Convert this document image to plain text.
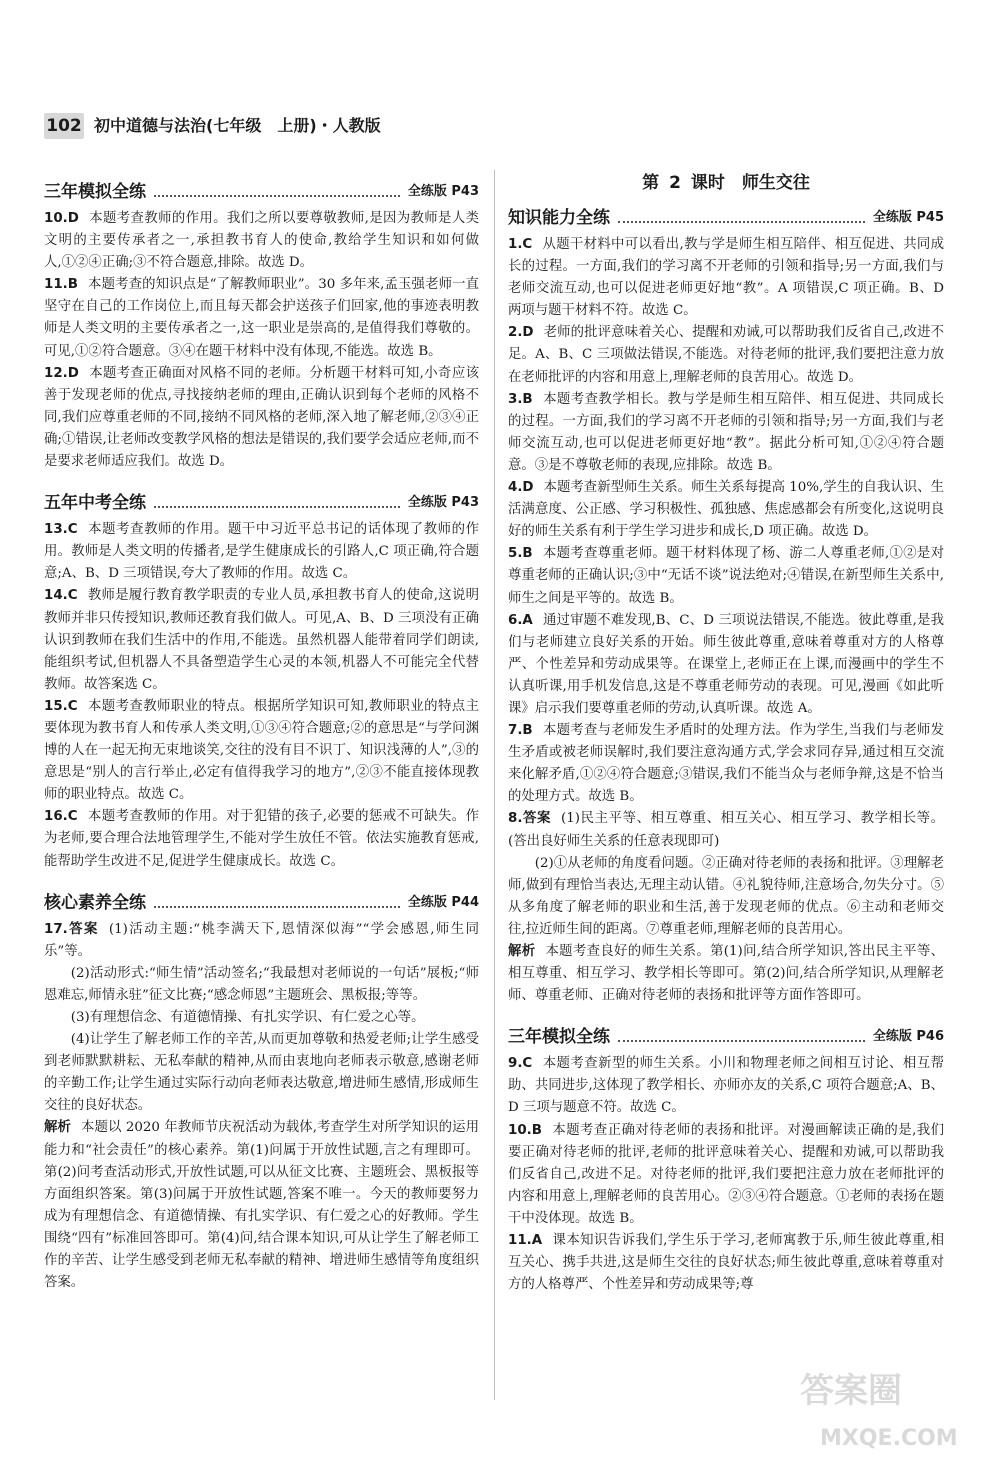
102 初中道德与法治(七年级　上册)・人教版
三年模拟全练	全练版 P43

10.D 本题考查教师的作用。我们之所以要尊敬教师,是因为教师是人类文明的主要传承者之一,承担教书育人的使命,教给学生知识和如何做人,①②④正确;③不符合题意,排除。故选 D。

11.B 本题考查的知识点是“了解教师职业”。30 多年来,孟玉强老师一直坚守在自己的工作岗位上,而且每天都会护送孩子们回家,他的事迹表明教师是人类文明的主要传承者之一,这一职业是崇高的,是值得我们尊敬的。可见,①②符合题意。③④在题干材料中没有体现,不能选。故选 B。

12.D 本题考查正确面对风格不同的老师。分析题干材料可知,小奇应该善于发现老师的优点,寻找接纳老师的理由,正确认识到每个老师的风格不同,我们应尊重老师的不同,接纳不同风格的老师,深入地了解老师,②③④正确;①错误,让老师改变教学风格的想法是错误的,我们要学会适应老师,而不是要求老师适应我们。故选 D。

五年中考全练	全练版 P43

13.C 本题考查教师的作用。题干中习近平总书记的话体现了教师的作用。教师是人类文明的传播者,是学生健康成长的引路人,C 项正确,符合题意;A、B、D 三项错误,夸大了教师的作用。故选 C。

14.C 教师是履行教育教学职责的专业人员,承担教书育人的使命,这说明教师并非只传授知识,教师还教育我们做人。可见,A、B、D 三项没有正确认识到教师在我们生活中的作用,不能选。虽然机器人能带着同学们朗读,能组织考试,但机器人不具备塑造学生心灵的本领,机器人不可能完全代替教师。故答案选 C。

15.C 本题考查教师职业的特点。根据所学知识可知,教师职业的特点主要体现为教书育人和传承人类文明,①③④符合题意;②的意思是“与学问渊博的人在一起无拘无束地谈笑,交往的没有目不识丁、知识浅薄的人”,③的意思是“别人的言行举止,必定有值得我学习的地方”,②③不能直接体现教师的职业特点。故选 C。

16.C 本题考查教师的作用。对于犯错的孩子,必要的惩戒不可缺失。作为老师,要合理合法地管理学生,不能对学生放任不管。依法实施教育惩戒,能帮助学生改进不足,促进学生健康成长。故选 C。

核心素养全练	全练版 P44

17.答案 (1)活动主题:“桃李满天下,恩情深似海”“学会感恩,师生同乐”等。

(2)活动形式:“师生情”活动签名;“我最想对老师说的一句话”展板;“师恩难忘,师情永驻”征文比赛;“感念师恩”主题班会、黑板报;等等。

(3)有理想信念、有道德情操、有扎实学识、有仁爱之心等。

(4)让学生了解老师工作的辛苦,从而更加尊敬和热爱老师;让学生感受到老师默默耕耘、无私奉献的精神,从而由衷地向老师表示敬意,感谢老师的辛勤工作;让学生通过实际行动向老师表达敬意,增进师生感情,形成师生交往的良好状态。

解析 本题以 2020 年教师节庆祝活动为载体,考查学生对所学知识的运用能力和“社会责任”的核心素养。第(1)问属于开放性试题,言之有理即可。第(2)问考查活动形式,开放性试题,可以从征文比赛、主题班会、黑板报等方面组织答案。第(3)问属于开放性试题,答案不唯一。今天的教师要努力成为有理想信念、有道德情操、有扎实学识、有仁爱之心的好教师。学生围绕“四有”标准回答即可。第(4)问,结合课本知识,可从让学生了解老师工作的辛苦、让学生感受到老师无私奉献的精神、增进师生感情等角度组织答案。

第 2 课时　师生交往
知识能力全练	全练版 P45

1.C 从题干材料中可以看出,教与学是师生相互陪伴、相互促进、共同成长的过程。一方面,我们的学习离不开老师的引领和指导;另一方面,我们与老师交流互动,也可以促进老师更好地“教”。A 项错误,C 项正确。B、D 两项与题干材料不符。故选 C。

2.D 老师的批评意味着关心、提醒和劝诫,可以帮助我们反省自己,改进不足。A、B、C 三项做法错误,不能选。对待老师的批评,我们要把注意力放在老师批评的内容和用意上,理解老师的良苦用心。故选 D。

3.B 本题考查教学相长。教与学是师生相互陪伴、相互促进、共同成长的过程。一方面,我们的学习离不开老师的引领和指导;另一方面,我们与老师交流互动,也可以促进老师更好地“教”。据此分析可知,①②④符合题意。③是不尊敬老师的表现,应排除。故选 B。

4.D 本题考查新型师生关系。师生关系每提高 10%,学生的自我认识、生活满意度、公正感、学习积极性、孤独感、焦虑感都会有所变化,这说明良好的师生关系有利于学生学习进步和成长,D 项正确。故选 D。

5.B 本题考查尊重老师。题干材料体现了杨、游二人尊重老师,①②是对尊重老师的正确认识;③中“无话不谈”说法绝对;④错误,在新型师生关系中,师生之间是平等的。故选 B。

6.A 通过审题不难发现,B、C、D 三项说法错误,不能选。彼此尊重,是我们与老师建立良好关系的开始。师生彼此尊重,意味着尊重对方的人格尊严、个性差异和劳动成果等。在课堂上,老师正在上课,而漫画中的学生不认真听课,用手机发信息,这是不尊重老师劳动的表现。可见,漫画《如此听课》启示我们要尊重老师的劳动,认真听课。故选 A。

7.B 本题考查与老师发生矛盾时的处理方法。作为学生,当我们与老师发生矛盾或被老师误解时,我们要注意沟通方式,学会求同存异,通过相互交流来化解矛盾,①②④符合题意;③错误,我们不能当众与老师争辩,这是不恰当的处理方式。故选 B。

8.答案 (1)民主平等、相互尊重、相互关心、相互学习、教学相长等。(答出良好师生关系的任意表现即可)

(2)①从老师的角度看问题。②正确对待老师的表扬和批评。③理解老师,做到有理恰当表达,无理主动认错。④礼貌待师,注意场合,勿失分寸。⑤从多角度了解老师的职业和生活,善于发现老师的优点。⑥主动和老师交往,拉近师生间的距离。⑦尊重老师,理解老师的良苦用心。

解析 本题考查良好的师生关系。第(1)问,结合所学知识,答出民主平等、相互尊重、相互学习、教学相长等即可。第(2)问,结合所学知识,从理解老师、尊重老师、正确对待老师的表扬和批评等方面作答即可。

三年模拟全练	全练版 P46

9.C 本题考查新型的师生关系。小川和物理老师之间相互讨论、相互帮助、共同进步,这体现了教学相长、亦师亦友的关系,C 项符合题意;A、B、D 三项与题意不符。故选 C。

10.B 本题考查正确对待老师的表扬和批评。对漫画解读正确的是,我们要正确对待老师的批评,老师的批评意味着关心、提醒和劝诫,可以帮助我们反省自己,改进不足。对待老师的批评,我们要把注意力放在老师批评的内容和用意上,理解老师的良苦用心。②③④符合题意。①老师的表扬在题干中没体现。故选 B。

11.A 课本知识告诉我们,学生乐于学习,老师寓教于乐,师生彼此尊重,相互关心、携手共进,这是师生交往的良好状态;师生彼此尊重,意味着尊重对方的人格尊严、个性差异和劳动成果等;尊

答案圈
MXQE.COM
